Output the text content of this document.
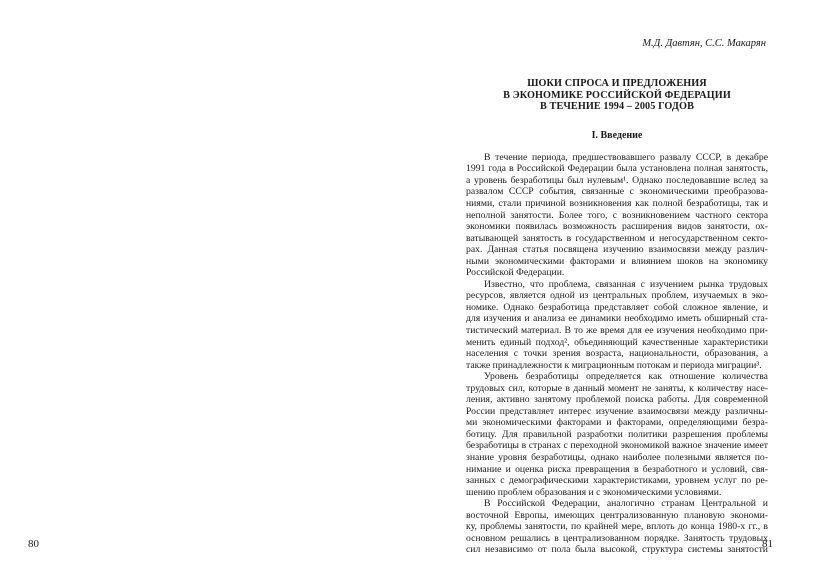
80	81

М.Д. Давтян, С.С. Макарян

ШОКИ СПРОСА И ПРЕДЛОЖЕНИЯ
В ЭКОНОМИКЕ РОССИЙСКОЙ ФЕДЕРАЦИИ
В ТЕЧЕНИЕ 1994 – 2005 ГОДОВ
I. Введение

В течение периода, предшествовавшего развалу СССР, в декабре
1991 года в Российской Федерации была установлена полная занятость,
а уровень безработицы был нулевым¹. Однако последовавшие вслед за
развалом СССР события, связанные с экономическими преобразова-
ниями, стали причиной возникновения как полной безработицы, так и
неполной занятости. Более того, с возникновением частного сектора
экономики появилась возможность расширения видов занятости, ох-
ватывающей занятость в государственном и негосударственном секто-
рах. Данная статья посвящена изучению взаимосвязи между различ-
ными экономическими факторами и влиянием шоков на экономику
Российской Федерации.

Известно, что проблема, связанная с изучением рынка трудовых
ресурсов, является одной из центральных проблем, изучаемых в эко-
номике. Однако безработица представляет собой сложное явление, и
для изучения и анализа ее динамики необходимо иметь обширный ста-
тистический материал. В то же время для ее изучения необходимо при-
менить единый подход², объединяющий качественные характеристики
населения с точки зрения возраста, национальности, образования, а
также принадлежности к миграционным потокам и периода миграции³.

Уровень безработицы определяется как отношение количества
трудовых сил, которые в данный момент не заняты, к количеству насе-
ления, активно занятому проблемой поиска работы. Для современной
России представляет интерес изучение взаимосвязи между различны-
ми экономическими факторами и факторами, определяющими безра-
ботицу. Для правильной разработки политики разрешения проблемы
безработицы в странах с переходной экономикой важное значение имеет
знание уровня безработицы, однако наиболее полезными является по-
нимание и оценка риска превращения в безработного и условий, свя-
занных с демографическими характеристиками, уровнем услуг по ре-
шению проблем образования и с экономическими условиями.

В Российской Федерации, аналогично странам Центральной и
восточной Европы, имеющих централизованную плановую экономи-
ку, проблемы занятости, по крайней мере, вплоть до конца 1980-х гг., в
основном решались в централизованном порядке. Занятость трудовых
сил независимо от пола была высокой, структура системы занятости
